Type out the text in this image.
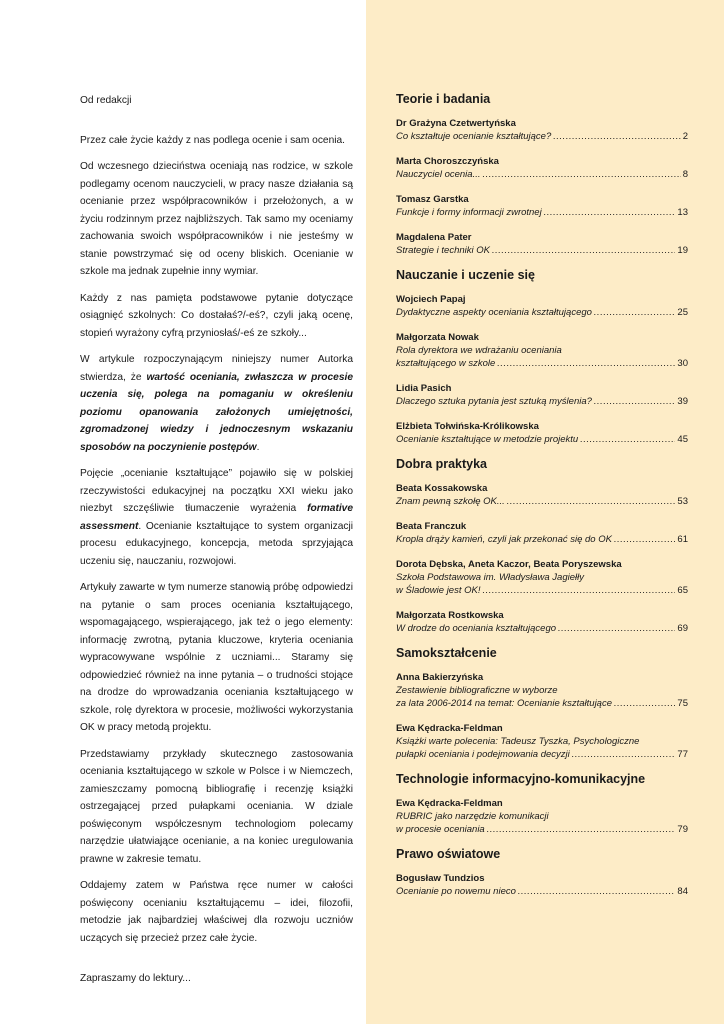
Od redakcji

Przez całe życie każdy z nas podlega ocenie i sam ocenia.

Od wczesnego dzieciństwa oceniają nas rodzice, w szkole podlegamy ocenom nauczycieli, w pracy nasze działania są ocenianie przez współpracowników i przełożonych, a w życiu rodzinnym przez najbliższych. Tak samo my oceniamy zachowania swoich współpracowników i nie jesteśmy w stanie powstrzymać się od oceny bliskich. Ocenianie w szkole ma jednak zupełnie inny wymiar.

Każdy z nas pamięta podstawowe pytanie dotyczące osiągnięć szkolnych: Co dostałaś?/-eś?, czyli jaką ocenę, stopień wyrażony cyfrą przyniosłaś/-eś ze szkoły...

W artykule rozpoczynającym niniejszy numer Autorka stwierdza, że wartość oceniania, zwłaszcza w procesie uczenia się, polega na pomaganiu w określeniu poziomu opanowania założonych umiejętności, zgromadzonej wiedzy i jednoczesnym wskazaniu sposobów na poczynienie postępów.

Pojęcie „ocenianie kształtujące” pojawiło się w polskiej rzeczywistości edukacyjnej na początku XXI wieku jako niezbyt szczęśliwie tłumaczenie wyrażenia formative assessment. Ocenianie kształtujące to system organizacji procesu edukacyjnego, koncepcja, metoda sprzyjająca uczeniu się, nauczaniu, rozwojowi.

Artykuły zawarte w tym numerze stanowią próbę odpowiedzi na pytanie o sam proces oceniania kształtującego, wspomagającego, wspierającego, jak też o jego elementy: informację zwrotną, pytania kluczowe, kryteria oceniania wypracowywane wspólnie z uczniami... Staramy się odpowiedzieć również na inne pytania – o trudności stojące na drodze do wprowadzania oceniania kształtującego w szkole, rolę dyrektora w procesie, możliwości wykorzystania OK w pracy metodą projektu.

Przedstawiamy przykłady skutecznego zastosowania oceniania kształtującego w szkole w Polsce i w Niemczech, zamieszczamy pomocną bibliografię i recenzję książki ostrzegającej przed pułapkami oceniania. W dziale poświęconym współczesnym technologiom polecamy narzędzie ułatwiające ocenianie, a na koniec uregulowania prawne w zakresie tematu.

Oddajemy zatem w Państwa ręce numer w całości poświęcony ocenianiu kształtującemu – idei, filozofii, metodzie jak najbardziej właściwej dla rozwoju uczniów uczących się przecież przez całe życie.

Zapraszamy do lektury...

Teorie i badania
Dr Grażyna Czetwertyńska
Co kształtuje ocenianie kształtujące? .....	2
Marta Choroszczyńska
Nauczyciel ocenia... .....	8
Tomasz Garstka
Funkcje i formy informacji zwrotnej .....	13
Magdalena Pater
Strategie i techniki OK .....	19
Nauczanie i uczenie się
Wojciech Papaj
Dydaktyczne aspekty oceniania kształtującego .....	25
Małgorzata Nowak
Rola dyrektora we wdrażaniu oceniania
kształtującego w szkole .....	30
Lidia Pasich
Dlaczego sztuka pytania jest sztuką myślenia? .....	39
Elżbieta Tołwińska-Królikowska
Ocenianie kształtujące w metodzie projektu .....	45
Dobra praktyka
Beata Kossakowska
Znam pewną szkołę OK... .....	53
Beata Franczuk
Kropla drąży kamień, czyli jak przekonać się do OK .....	61
Dorota Dębska, Aneta Kaczor, Beata Poryszewska
Szkoła Podstawowa im. Władysława Jagiełły
w Śladowie jest OK! .....	65
Małgorzata Rostkowska
W drodze do oceniania kształtującego .....	69
Samokształcenie
Anna Bakierzyńska
Zestawienie bibliograficzne w wyborze
za lata 2006-2014 na temat: Ocenianie kształtujące .....	75
Ewa Kędracka-Feldman
Książki warte polecenia: Tadeusz Tyszka, Psychologiczne
pułapki oceniania i podejmowania decyzji .....	77
Technologie informacyjno-komunikacyjne
Ewa Kędracka-Feldman
RUBRIC jako narzędzie komunikacji
w procesie oceniania .....	79
Prawo oświatowe
Bogusław Tundzios
Ocenianie po nowemu nieco .....	84
